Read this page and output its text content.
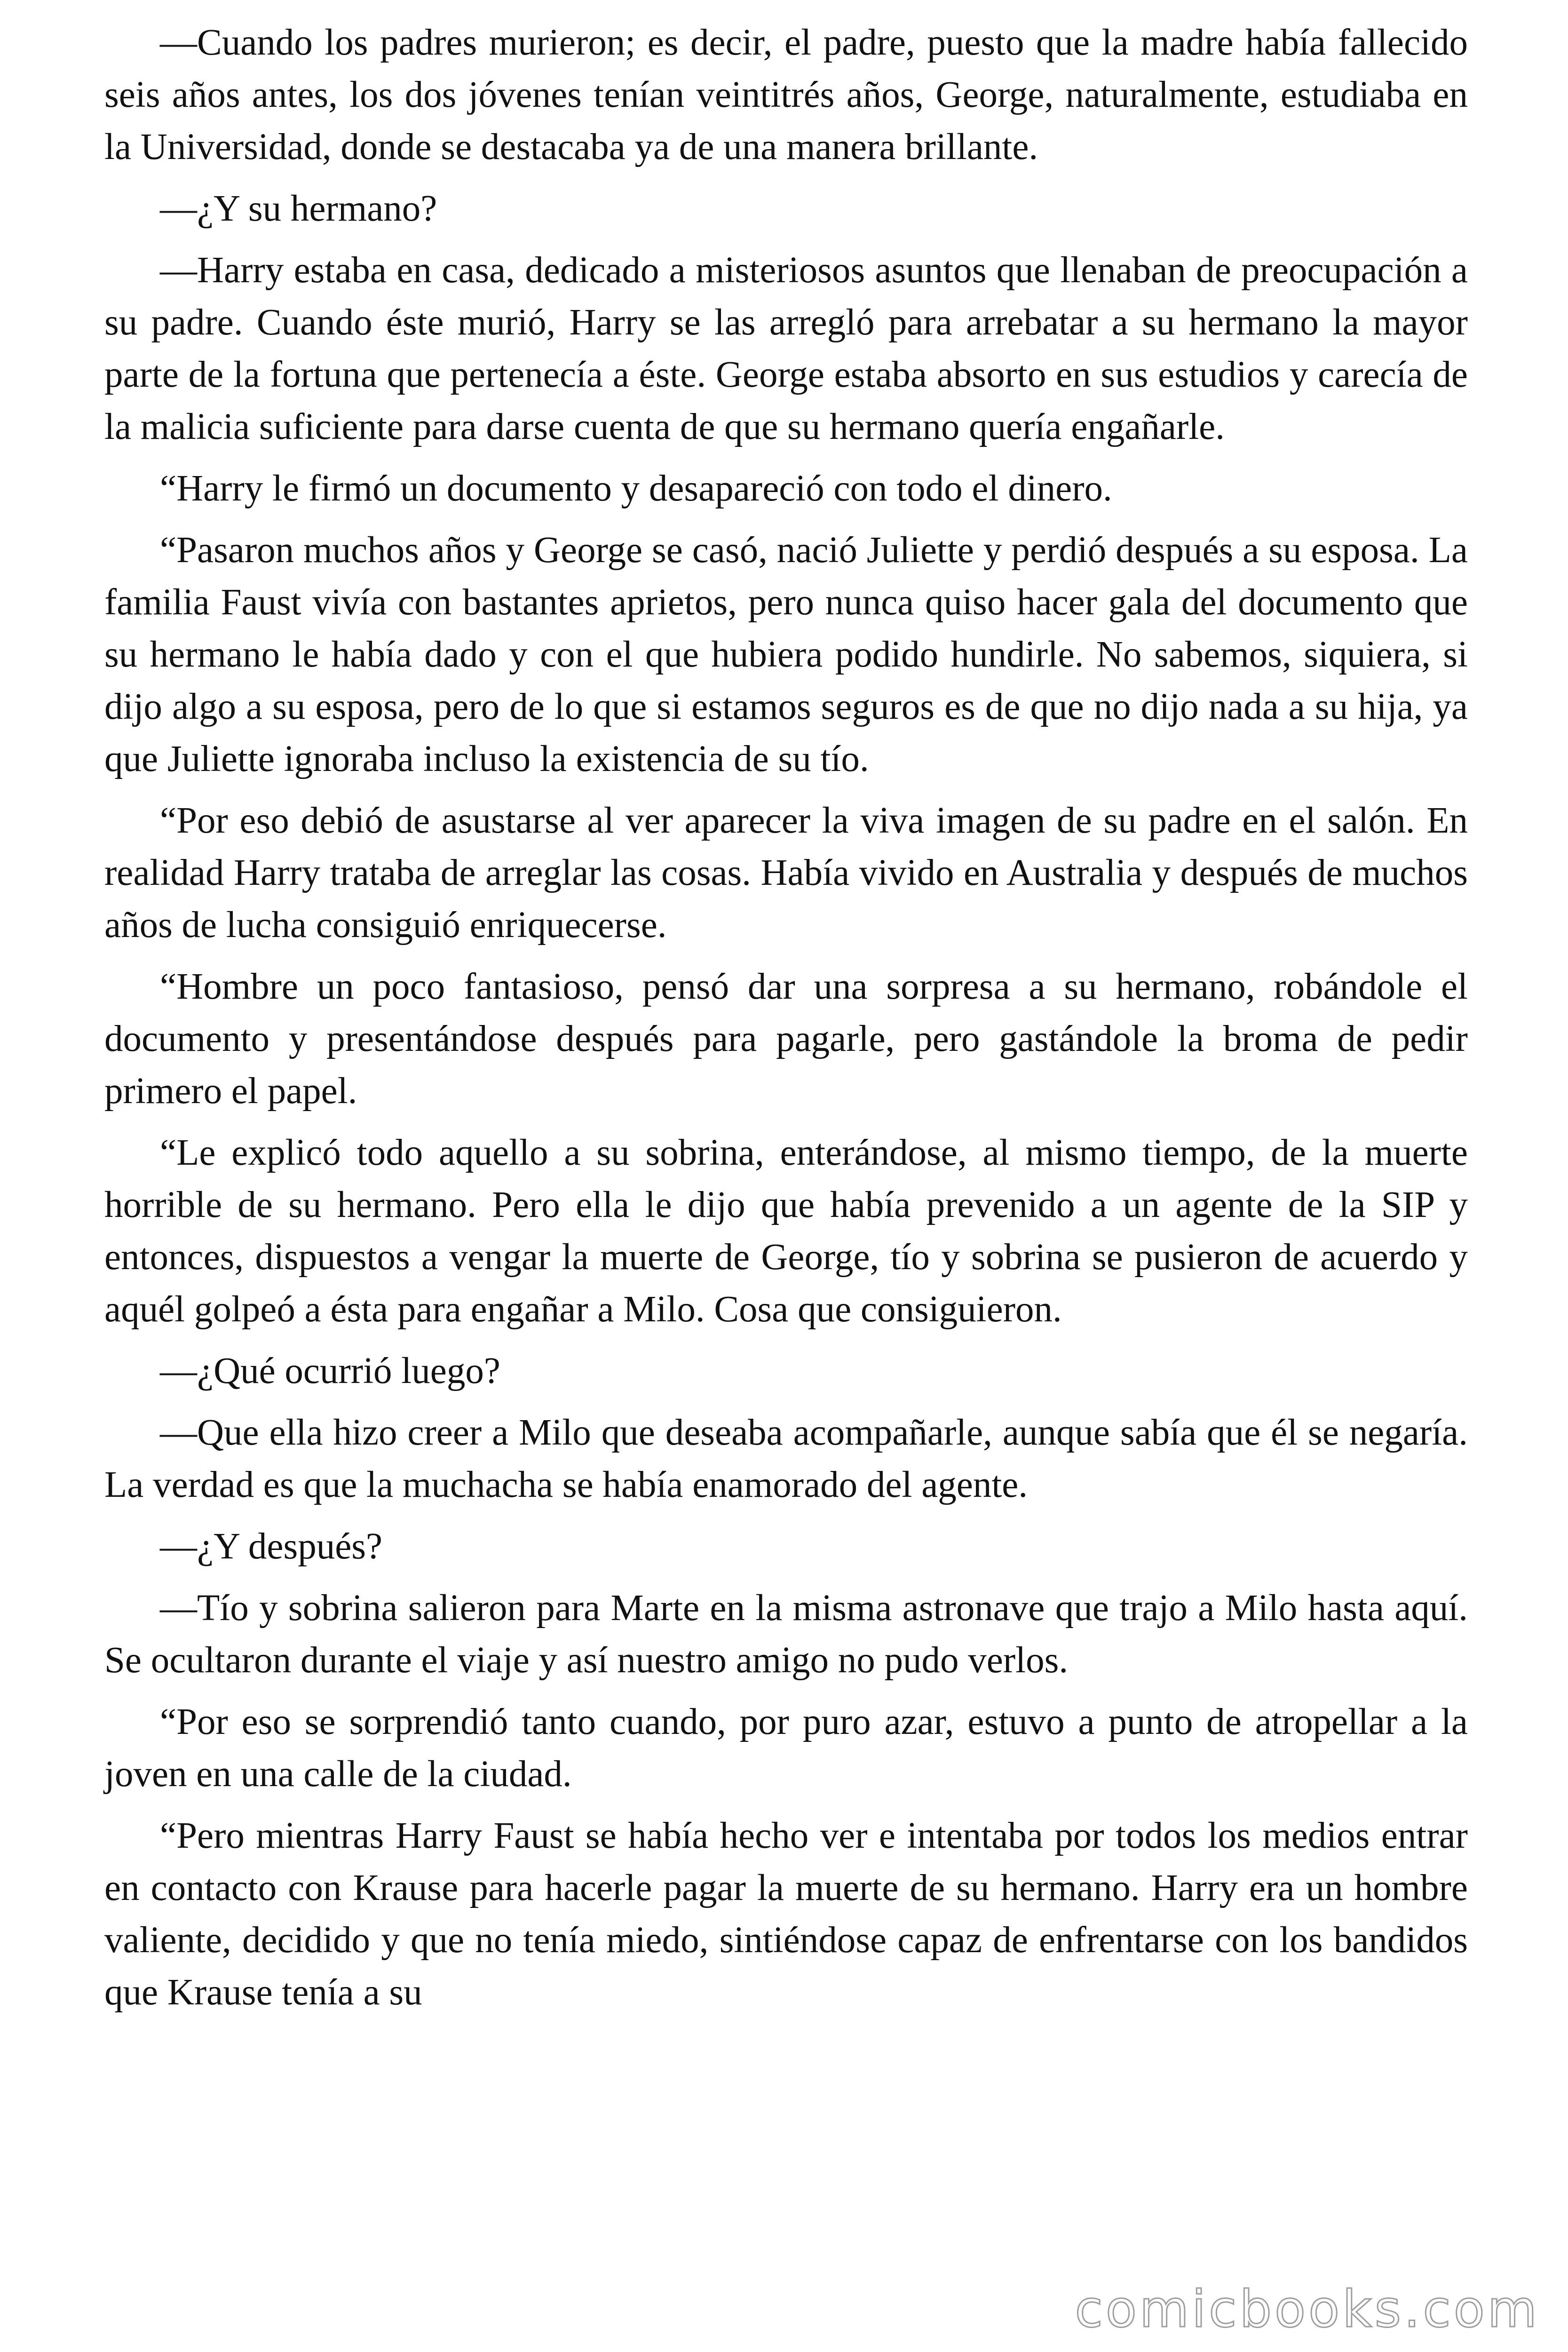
—Cuando los padres murieron; es decir, el padre, puesto que la madre había fallecido seis años antes, los dos jóvenes tenían veintitrés años, George, naturalmente, estudiaba en la Universidad, donde se destacaba ya de una manera brillante.

—¿Y su hermano?

—Harry estaba en casa, dedicado a misteriosos asuntos que llenaban de preocupación a su padre. Cuando éste murió, Harry se las arregló para arrebatar a su hermano la mayor parte de la fortuna que pertenecía a éste. George estaba absorto en sus estudios y carecía de la malicia suficiente para darse cuenta de que su hermano quería engañarle.

“Harry le firmó un documento y desapareció con todo el dinero.

“Pasaron muchos años y George se casó, nació Juliette y perdió después a su esposa. La familia Faust vivía con bastantes aprietos, pero nunca quiso hacer gala del documento que su hermano le había dado y con el que hubiera podido hundirle. No sabemos, siquiera, si dijo algo a su esposa, pero de lo que si estamos seguros es de que no dijo nada a su hija, ya que Juliette ignoraba incluso la existencia de su tío.

“Por eso debió de asustarse al ver aparecer la viva imagen de su padre en el salón. En realidad Harry trataba de arreglar las cosas. Había vivido en Australia y después de muchos años de lucha consiguió enriquecerse.

“Hombre un poco fantasioso, pensó dar una sorpresa a su hermano, robándole el documento y presentándose después para pagarle, pero gastándole la broma de pedir primero el papel.

“Le explicó todo aquello a su sobrina, enterándose, al mismo tiempo, de la muerte horrible de su hermano. Pero ella le dijo que había prevenido a un agente de la SIP y entonces, dispuestos a vengar la muerte de George, tío y sobrina se pusieron de acuerdo y aquél golpeó a ésta para engañar a Milo. Cosa que consiguieron.

—¿Qué ocurrió luego?

—Que ella hizo creer a Milo que deseaba acompañarle, aunque sabía que él se negaría. La verdad es que la muchacha se había enamorado del agente.

—¿Y después?

—Tío y sobrina salieron para Marte en la misma astronave que trajo a Milo hasta aquí. Se ocultaron durante el viaje y así nuestro amigo no pudo verlos.

“Por eso se sorprendió tanto cuando, por puro azar, estuvo a punto de atropellar a la joven en una calle de la ciudad.

“Pero mientras Harry Faust se había hecho ver e intentaba por todos los medios entrar en contacto con Krause para hacerle pagar la muerte de su hermano. Harry era un hombre valiente, decidido y que no tenía miedo, sintiéndose capaz de enfrentarse con los bandidos que Krause tenía a su

comicbooks.com
